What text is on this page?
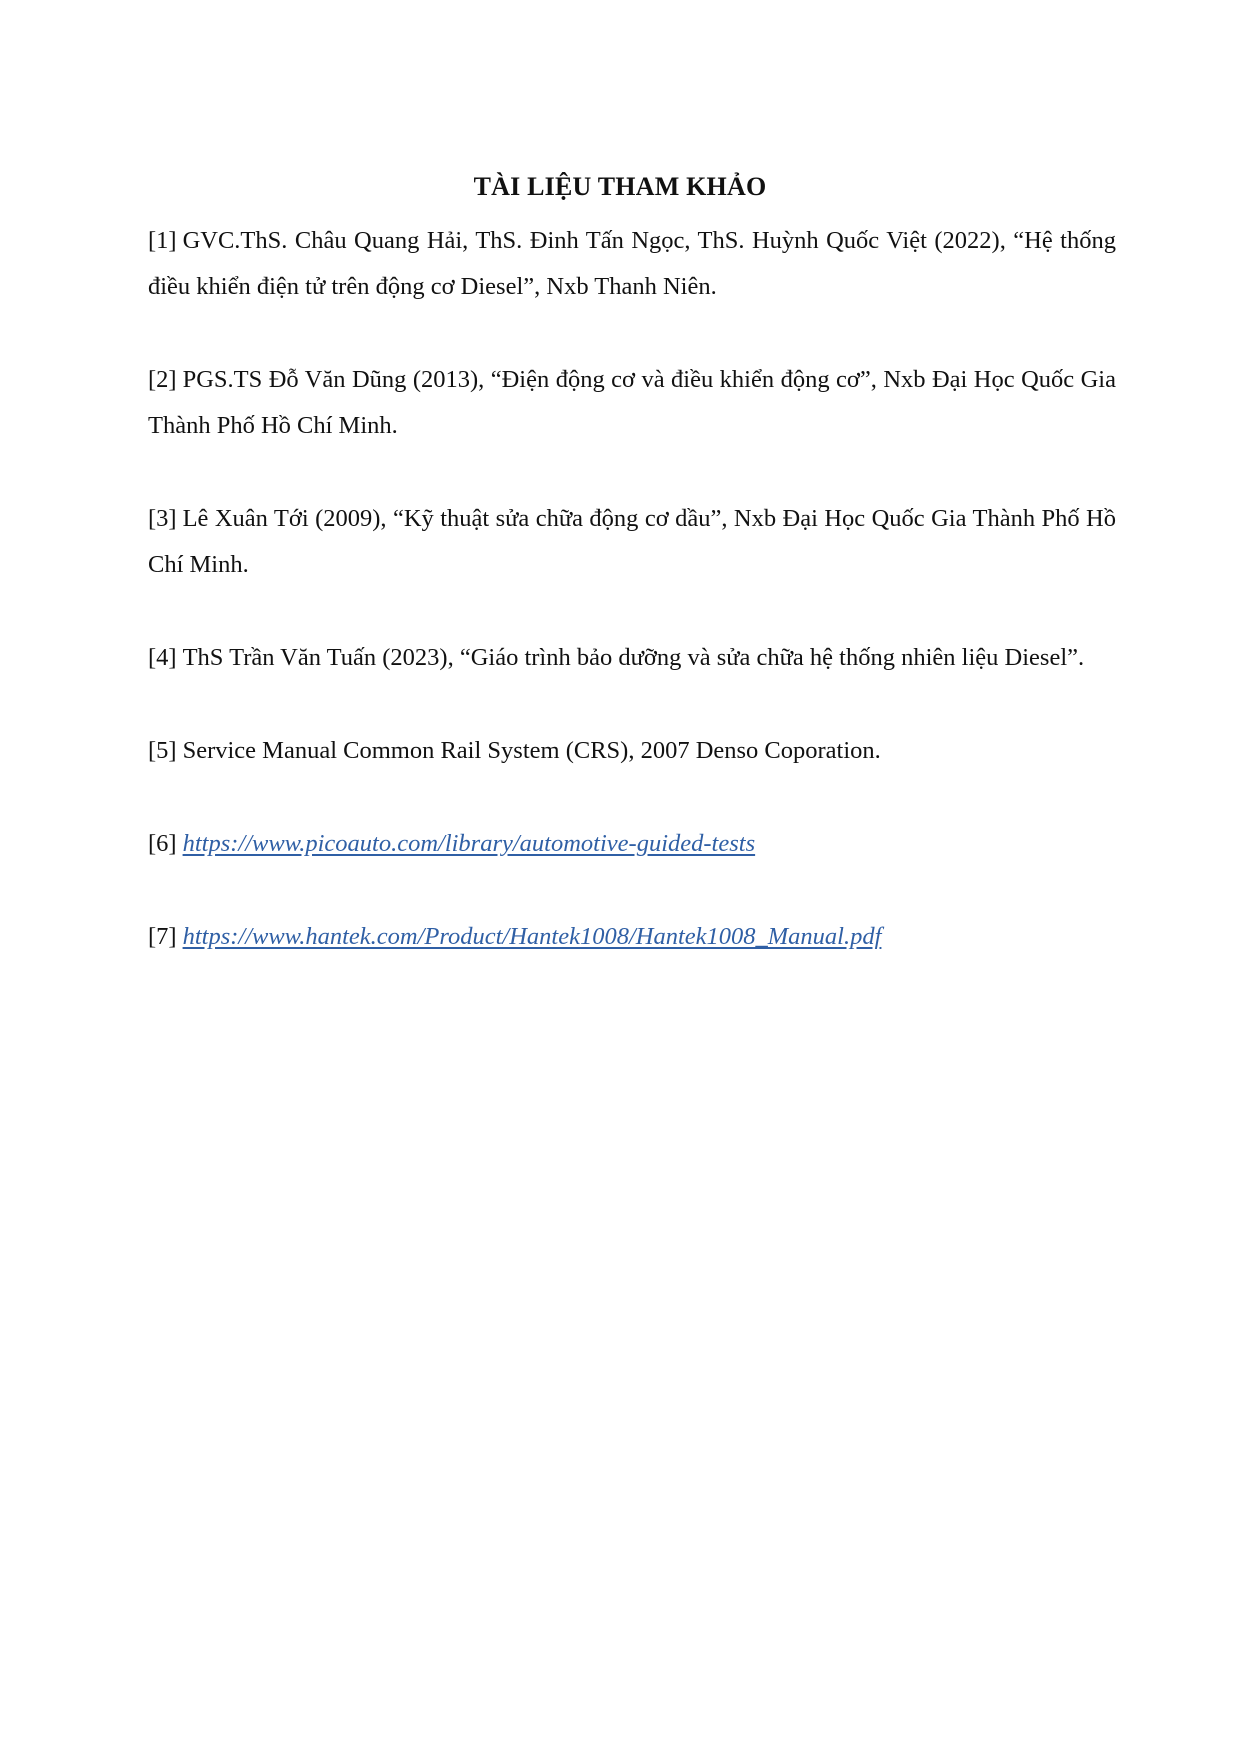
TÀI LIỆU THAM KHẢO

[1] GVC.ThS. Châu Quang Hải, ThS. Đinh Tấn Ngọc, ThS. Huỳnh Quốc Việt (2022), “Hệ thống điều khiển điện tử trên động cơ Diesel”, Nxb Thanh Niên.

[2] PGS.TS Đỗ Văn Dũng (2013), “Điện động cơ và điều khiển động cơ”, Nxb Đại Học Quốc Gia Thành Phố Hồ Chí Minh.

[3] Lê Xuân Tới (2009), “Kỹ thuật sửa chữa động cơ dầu”, Nxb Đại Học Quốc Gia Thành Phố Hồ Chí Minh.

[4] ThS Trần Văn Tuấn (2023), “Giáo trình bảo dưỡng và sửa chữa hệ thống nhiên liệu Diesel”.

[5] Service Manual Common Rail System (CRS), 2007 Denso Coporation.

[6] https://www.picoauto.com/library/automotive-guided-tests

[7] https://www.hantek.com/Product/Hantek1008/Hantek1008_Manual.pdf
